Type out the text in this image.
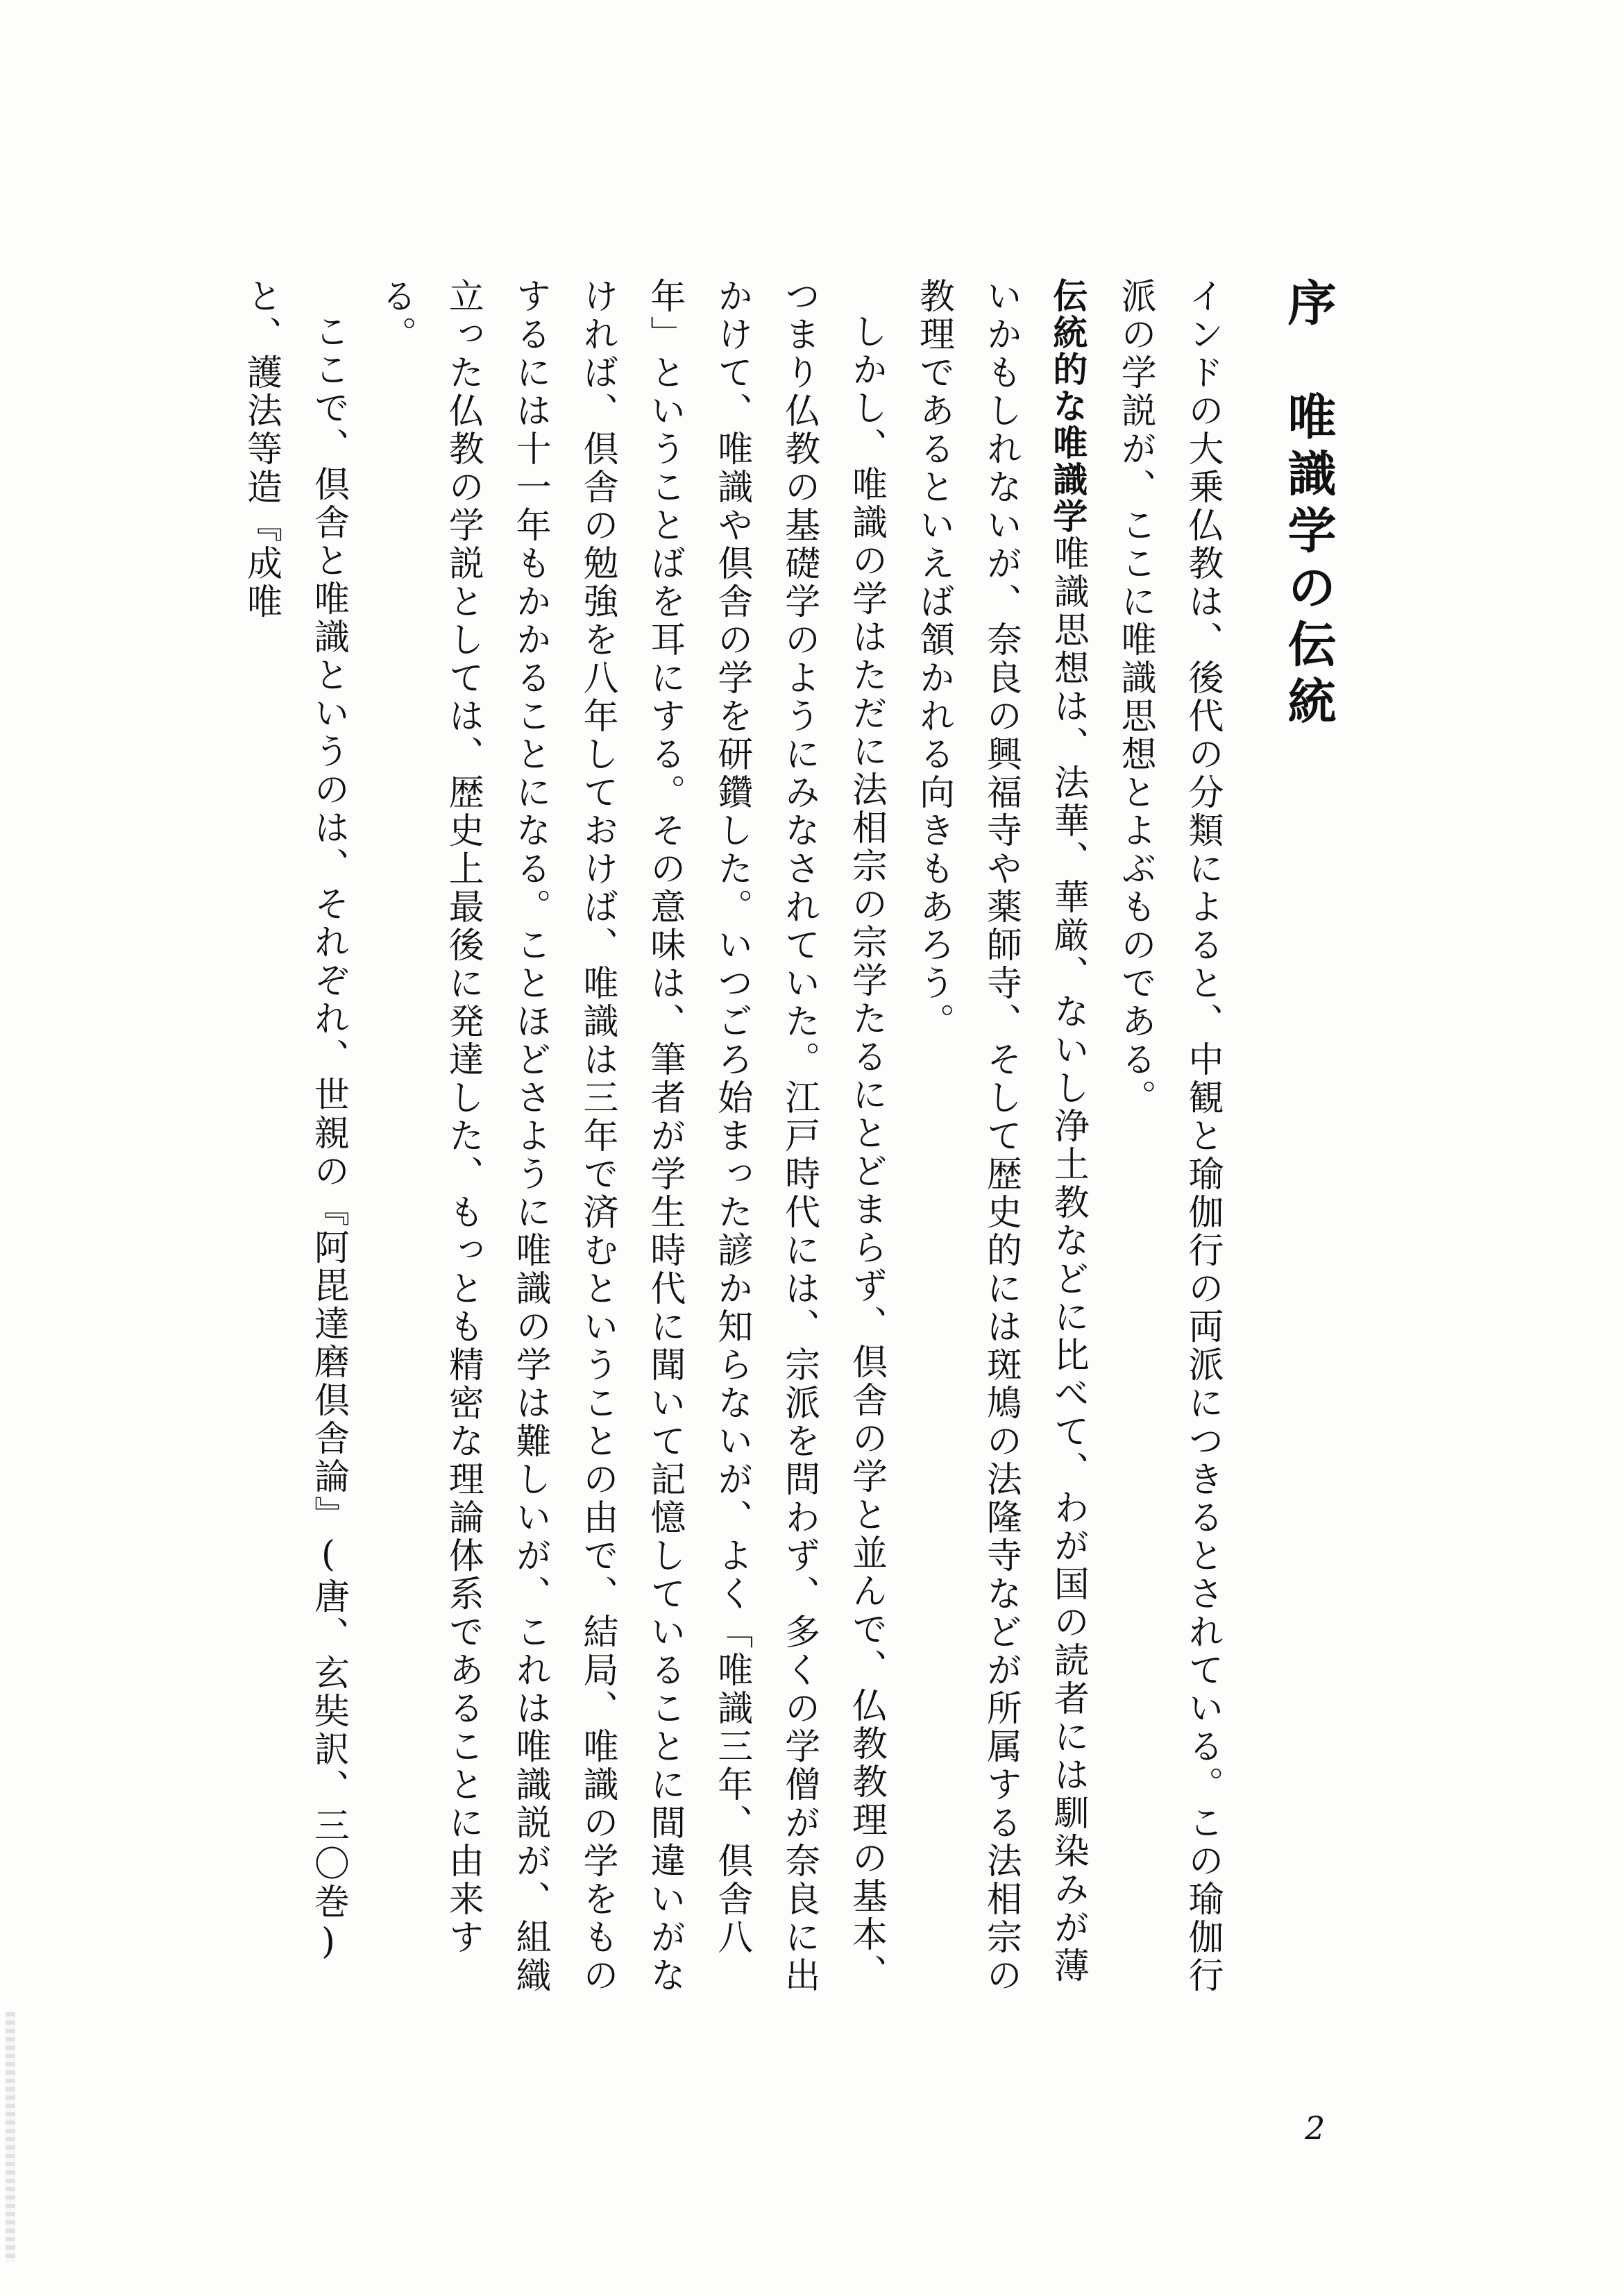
序　唯識学の伝統

インドの大乗仏教は、後代の分類によると、中観と瑜伽行の両派につきるとされている。この瑜伽行派の学説が、ここに唯識思想とよぶものである。

伝統的な唯識学唯識思想は、法華、華厳、ないし浄土教などに比べて、わが国の読者には馴染みが薄いかもしれないが、奈良の興福寺や薬師寺、そして歴史的には斑鳩の法隆寺などが所属する法相宗の教理であるといえば頷かれる向きもあろう。

しかし、唯識の学はただに法相宗の宗学たるにとどまらず、倶舎の学と並んで、仏教教理の基本、つまり仏教の基礎学のようにみなされていた。江戸時代には、宗派を問わず、多くの学僧が奈良に出かけて、唯識や倶舎の学を研鑽した。いつごろ始まった諺か知らないが、よく「唯識三年、倶舎八年」ということばを耳にする。その意味は、筆者が学生時代に聞いて記憶していることに間違いがなければ、倶舎の勉強を八年しておけば、唯識は三年で済むということの由で、結局、唯識の学をものするには十一年もかかることになる。ことほどさように唯識の学は難しいが、これは唯識説が、組織立った仏教の学説としては、歴史上最後に発達した、もっとも精密な理論体系であることに由来する。

ここで、倶舎と唯識というのは、それぞれ、世親の『阿毘達磨倶舎論』(唐、玄奘訳、三〇巻)と、護法等造『成唯

2
